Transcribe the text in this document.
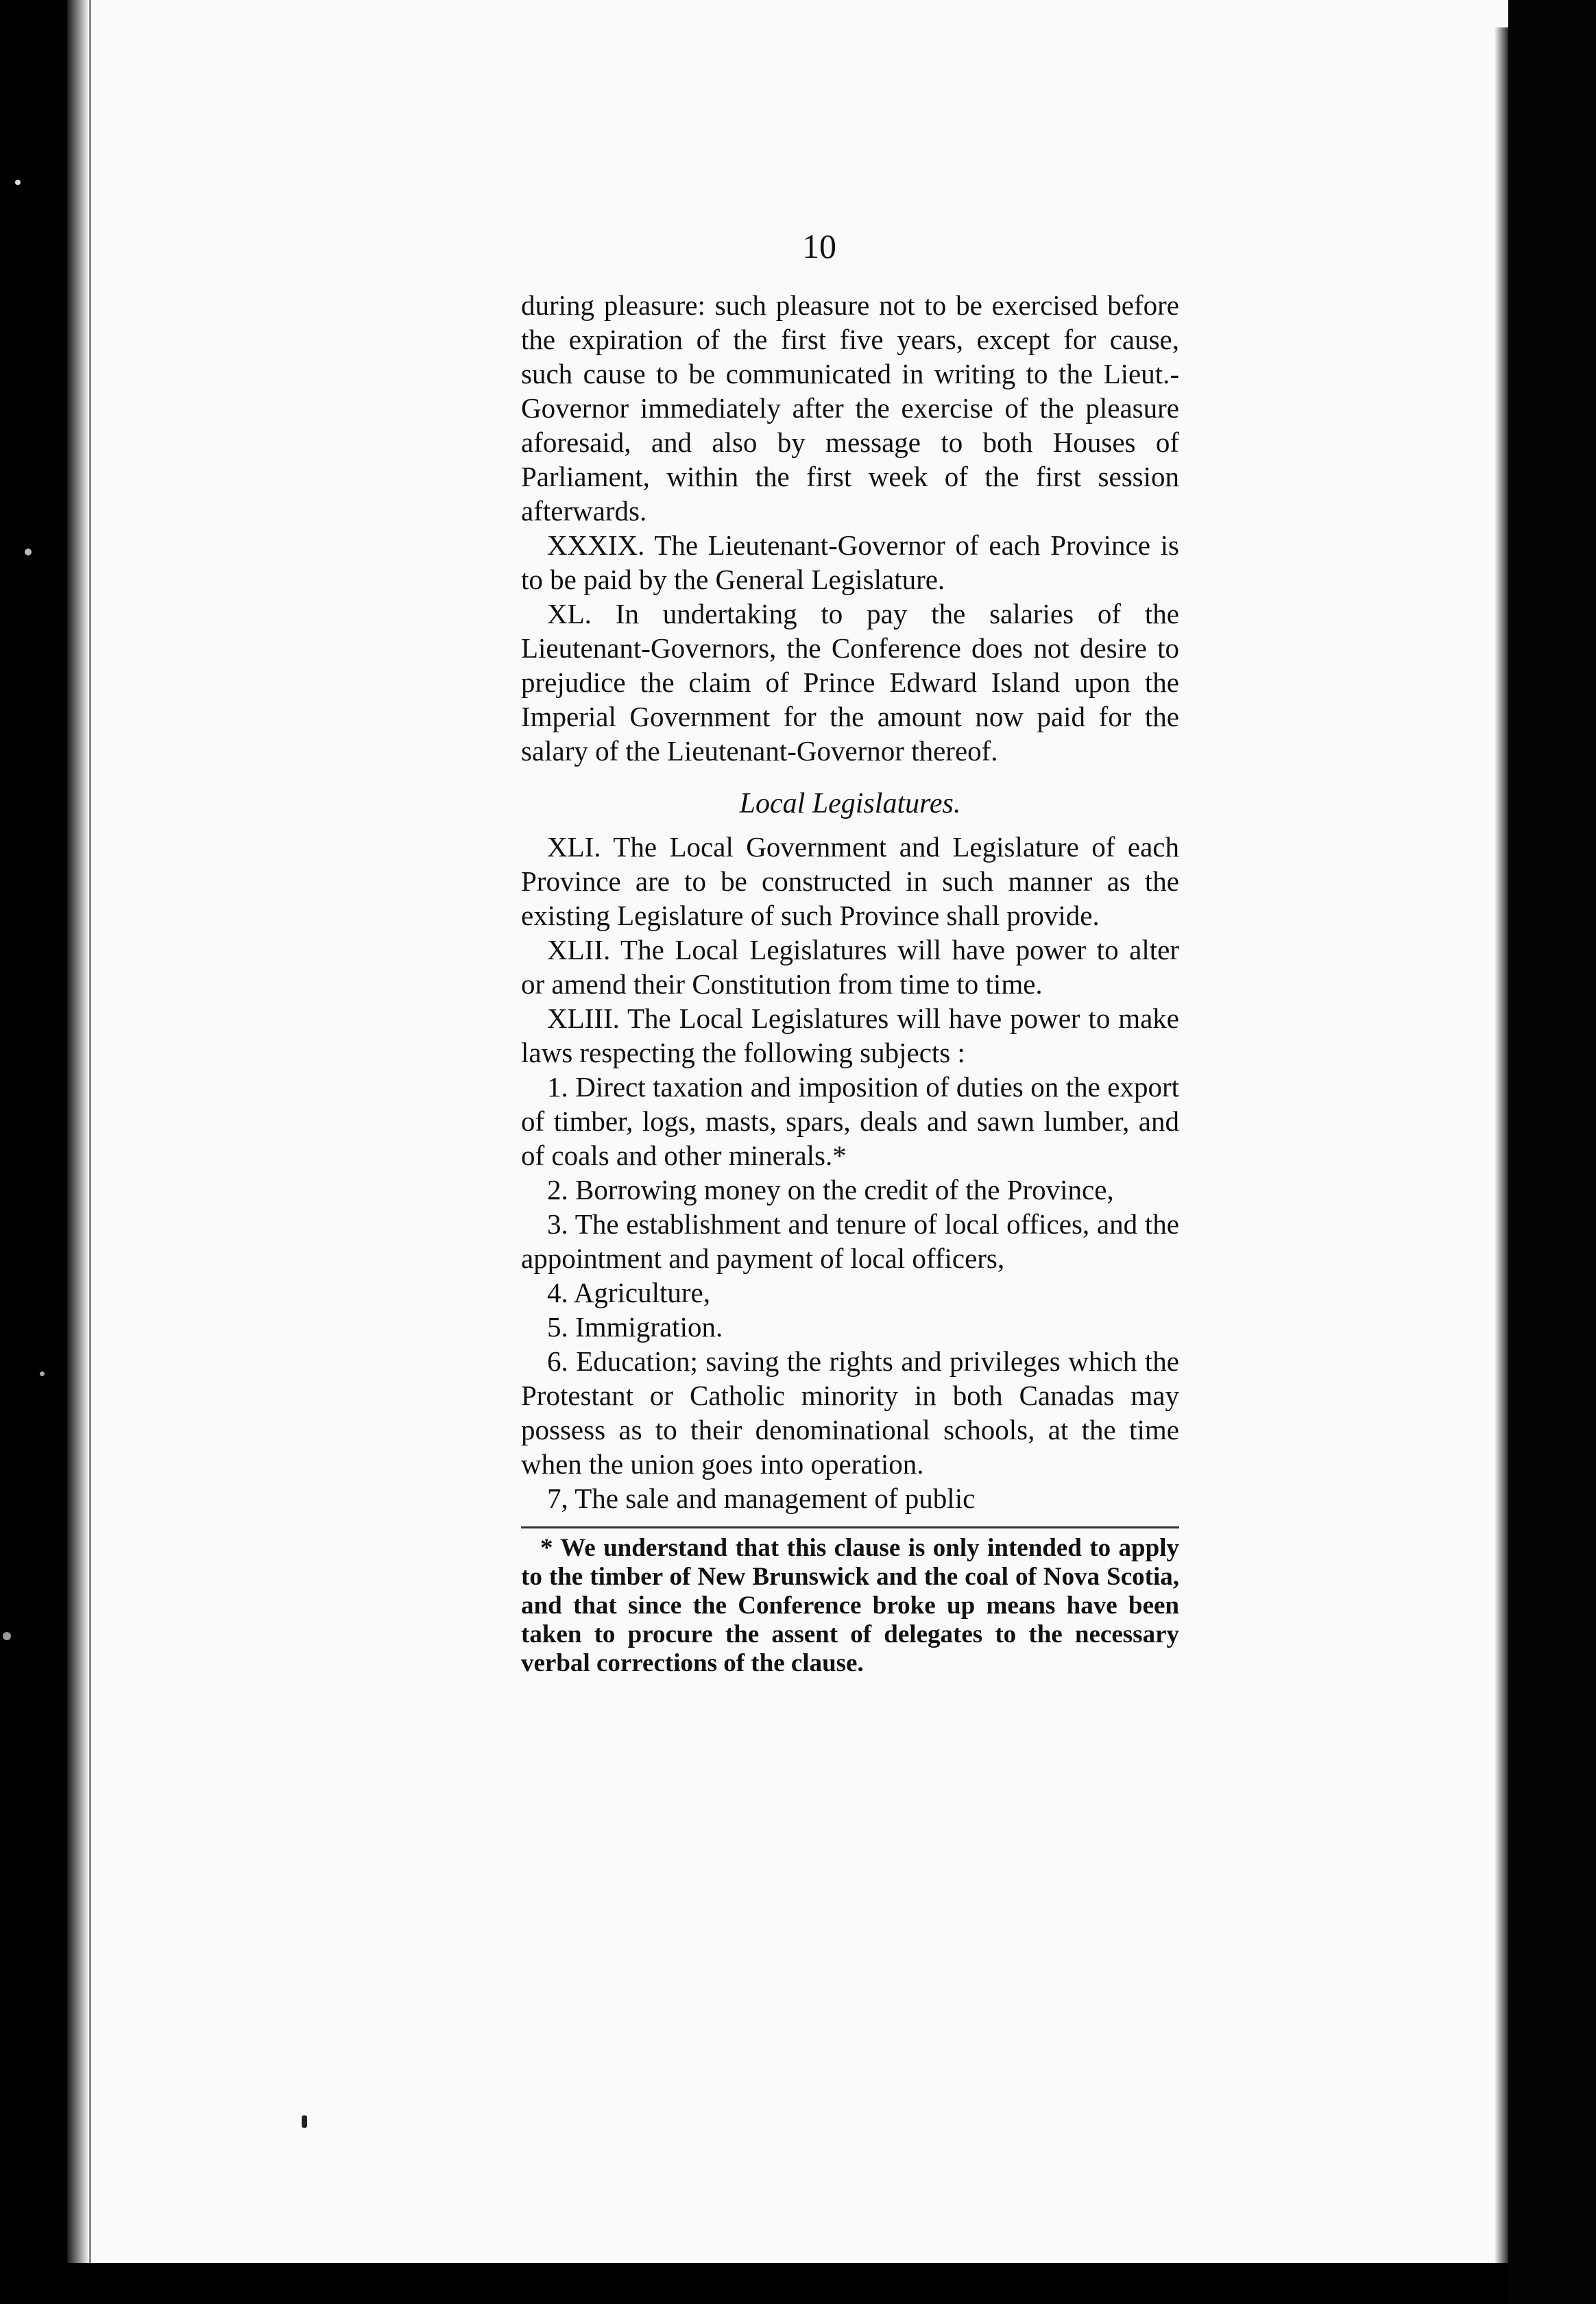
10

during pleasure: such pleasure not to be exercised before the expiration of the first five years, except for cause, such cause to be communicated in writing to the Lieut.-Governor immediately after the exercise of the pleasure aforesaid, and also by message to both Houses of Parliament, within the first week of the first session afterwards.

XXXIX. The Lieutenant-Governor of each Province is to be paid by the General Legislature.

XL. In undertaking to pay the salaries of the Lieutenant-Governors, the Conference does not desire to prejudice the claim of Prince Edward Island upon the Imperial Government for the amount now paid for the salary of the Lieutenant-Governor thereof.

Local Legislatures.

XLI. The Local Government and Legislature of each Province are to be constructed in such manner as the existing Legislature of such Province shall provide.

XLII. The Local Legislatures will have power to alter or amend their Constitution from time to time.

XLIII. The Local Legislatures will have power to make laws respecting the following subjects :

1. Direct taxation and imposition of duties on the export of timber, logs, masts, spars, deals and sawn lumber, and of coals and other minerals.*

2. Borrowing money on the credit of the Province,

3. The establishment and tenure of local offices, and the appointment and payment of local officers,

4. Agriculture,

5. Immigration.

6. Education; saving the rights and privileges which the Protestant or Catholic minority in both Canadas may possess as to their denominational schools, at the time when the union goes into operation.

7, The sale and management of public

* We understand that this clause is only intended to apply to the timber of New Brunswick and the coal of Nova Scotia, and that since the Conference broke up means have been taken to procure the assent of delegates to the necessary verbal corrections of the clause.
